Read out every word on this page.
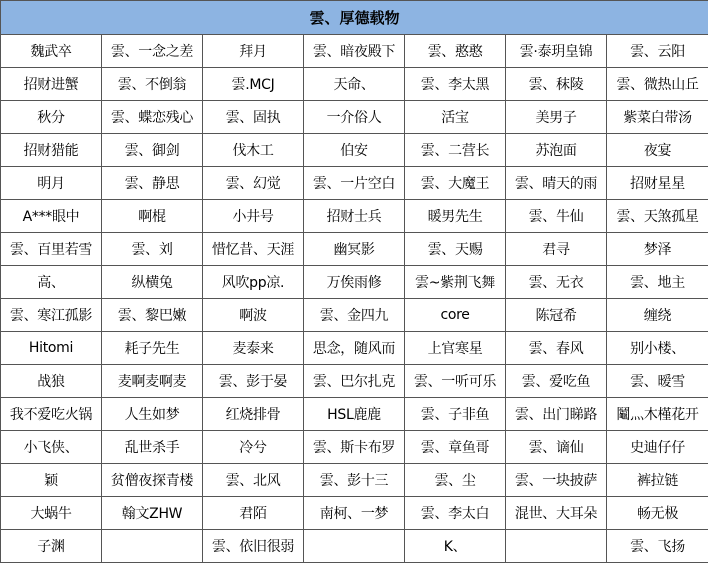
雲、厚德载物						
魏武卒	雲、一念之差	拜月	雲、暗夜殿下	雲、憨憨	雲·泰玥皇锦	雲、云阳
招财进蟹	雲、不倒翁	雲.MCJ	天命、	雲、李太黑	雲、秣陵	雲、微热山丘
秋分	雲、蝶恋残心	雲、固执	一介俗人	活宝	美男子	紫菜白带汤
招财猎能	雲、御剑	伐木工	伯安	雲、二营长	苏泡面	夜宴
明月	雲、静思	雲、幻觉	雲、一片空白	雲、大魔王	雲、晴天的雨	招财星星
A***眼中	啊棍	小井号	招财士兵	暖男先生	雲、牛仙	雲、天煞孤星
雲、百里若雪	雲、刘	惜忆昔、天涯	幽冥影	雲、天赐	君寻	梦泽
高、	纵横兔	风吹pp凉.	万俟雨修	雲~紫荆飞舞	雲、无衣	雲、地主
雲、寒江孤影	雲、黎巴嫩	啊波	雲、金四九	core	陈冠希	缠绕
Hitomi	耗子先生	麦泰来	思念，随风而	上官寒星	雲、春风	别小楼、
战狼	麦啊麦啊麦	雲、彭于晏	雲、巴尔扎克	雲、一听可乐	雲、爱吃鱼	雲、暧雪
我不爱吃火锅	人生如梦	红烧排骨	HSL鹿鹿	雲、子非鱼	雲、出门睇路	鬮灬木槿花开
小飞侠、	乱世杀手	冷兮	雲、斯卡布罗	雲、章鱼哥	雲、谪仙	史迪仔仔
颖	贫僧夜探青楼	雲、北风	雲、彭十三	雲、尘	雲、一块披萨	裤拉链
大蜗牛	翰文ZHW	君陌	南柯、一梦	雲、李太白	混世、大耳朵	畅无极
子渊		雲、依旧很弱		K、		雲、飞扬
